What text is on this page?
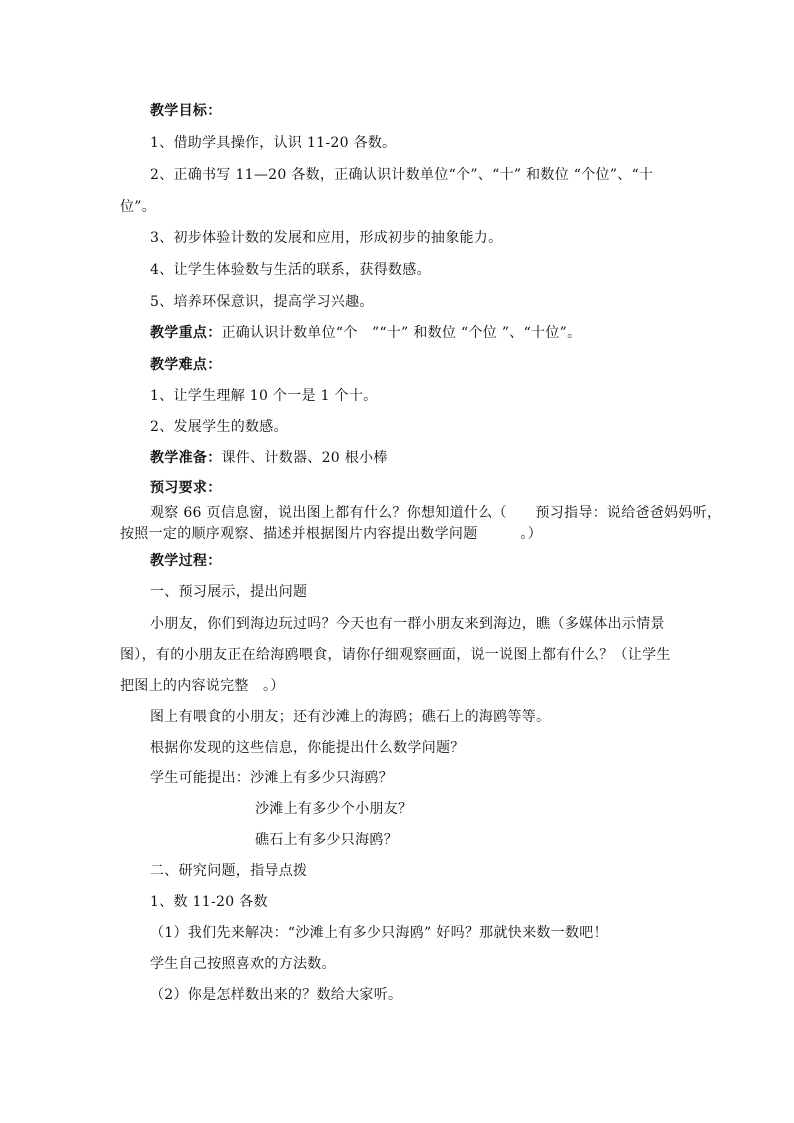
教学目标：
1、借助学具操作，认识 11-20 各数。
2、正确书写 11—20 各数，正确认识计数单位“个”、“十” 和数位 “个位”、“十
位”。
3、初步体验计数的发展和应用，形成初步的抽象能力。
4、让学生体验数与生活的联系，获得数感。
5、培养环保意识，提高学习兴趣。
教学重点：正确认识计数单位“个　”“十” 和数位 “个位 ”、“十位”。
教学难点：
1、让学生理解 10 个一是 1 个十。
2、发展学生的数感。
教学准备：课件、计数器、20 根小棒
预习要求：
观察 66 页信息窗，说出图上都有什么？你想知道什么（　　预习指导：说给爸爸妈妈听，
按照一定的顺序观察、描述并根据图片内容提出数学问题　　　。）
教学过程：
一、预习展示，提出问题
小朋友，你们到海边玩过吗？今天也有一群小朋友来到海边，瞧（多媒体出示情景
图），有的小朋友正在给海鸥喂食，请你仔细观察画面，说一说图上都有什么？（让学生
把图上的内容说完整　。）
图上有喂食的小朋友；还有沙滩上的海鸥；礁石上的海鸥等等。
根据你发现的这些信息，你能提出什么数学问题？
学生可能提出：沙滩上有多少只海鸥？
沙滩上有多少个小朋友？
礁石上有多少只海鸥？
二、研究问题，指导点拨
1、数 11-20 各数
（1）我们先来解决：“沙滩上有多少只海鸥” 好吗？那就快来数一数吧！
学生自己按照喜欢的方法数。
（2）你是怎样数出来的？数给大家听。
